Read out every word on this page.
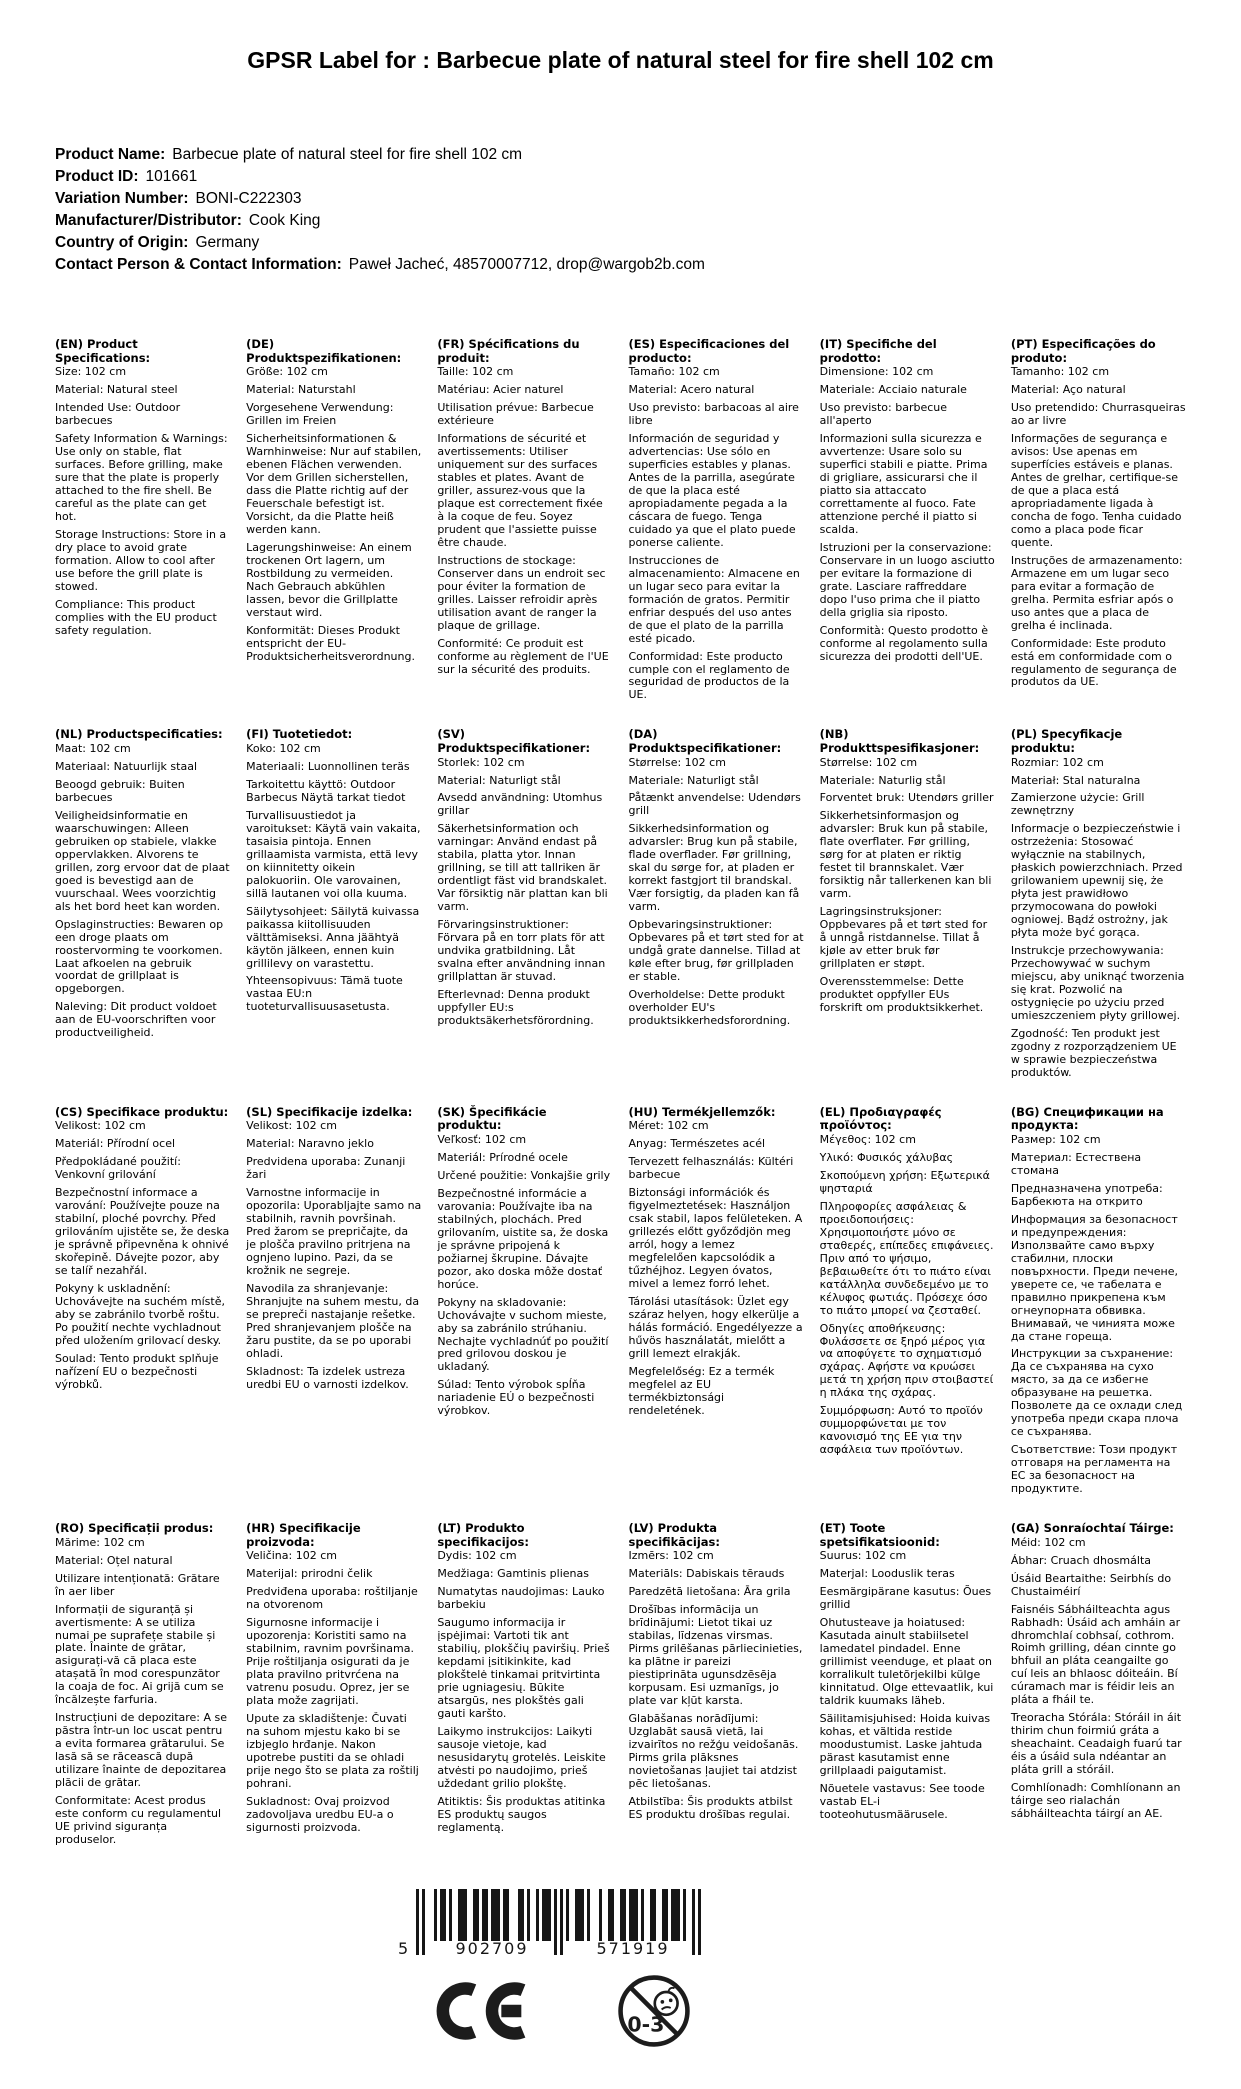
GPSR Label for : Barbecue plate of natural steel for fire shell 102 cm
Product Name: Barbecue plate of natural steel for fire shell 102 cm
Product ID: 101661
Variation Number: BONI-C222303
Manufacturer/Distributor: Cook King
Country of Origin: Germany
Contact Person & Contact Information: Paweł Jacheć, 48570007712, drop@wargob2b.com
(EN) Product Specifications:

Size: 102 cm

Material: Natural steel

Intended Use: Outdoor barbecues

Safety Information & Warnings: Use only on stable, flat surfaces. Before grilling, make sure that the plate is properly attached to the fire shell. Be careful as the plate can get hot.

Storage Instructions: Store in a dry place to avoid grate formation. Allow to cool after use before the grill plate is stowed.

Compliance: This product complies with the EU product safety regulation.

(DE) Produktspezifikationen:

Größe: 102 cm

Material: Naturstahl

Vorgesehene Verwendung: Grillen im Freien

Sicherheitsinformationen & Warnhinweise: Nur auf stabilen, ebenen Flächen verwenden. Vor dem Grillen sicherstellen, dass die Platte richtig auf der Feuerschale befestigt ist. Vorsicht, da die Platte heiß werden kann.

Lagerungshinweise: An einem trockenen Ort lagern, um Rostbildung zu vermeiden. Nach Gebrauch abkühlen lassen, bevor die Grillplatte verstaut wird.

Konformität: Dieses Produkt entspricht der EU-Produktsicherheitsverordnung.

(FR) Spécifications du produit:

Taille: 102 cm

Matériau: Acier naturel

Utilisation prévue: Barbecue extérieure

Informations de sécurité et avertissements: Utiliser uniquement sur des surfaces stables et plates. Avant de griller, assurez-vous que la plaque est correctement fixée à la coque de feu. Soyez prudent que l'assiette puisse être chaude.

Instructions de stockage: Conserver dans un endroit sec pour éviter la formation de grilles. Laisser refroidir après utilisation avant de ranger la plaque de grillage.

Conformité: Ce produit est conforme au règlement de l'UE sur la sécurité des produits.

(ES) Especificaciones del producto:

Tamaño: 102 cm

Material: Acero natural

Uso previsto: barbacoas al aire libre

Información de seguridad y advertencias: Use sólo en superficies estables y planas. Antes de la parrilla, asegúrate de que la placa esté apropiadamente pegada a la cáscara de fuego. Tenga cuidado ya que el plato puede ponerse caliente.

Instrucciones de almacenamiento: Almacene en un lugar seco para evitar la formación de gratos. Permitir enfriar después del uso antes de que el plato de la parrilla esté picado.

Conformidad: Este producto cumple con el reglamento de seguridad de productos de la UE.

(IT) Specifiche del prodotto:

Dimensione: 102 cm

Materiale: Acciaio naturale

Uso previsto: barbecue all'aperto

Informazioni sulla sicurezza e avvertenze: Usare solo su superfici stabili e piatte. Prima di grigliare, assicurarsi che il piatto sia attaccato correttamente al fuoco. Fate attenzione perché il piatto si scalda.

Istruzioni per la conservazione: Conservare in un luogo asciutto per evitare la formazione di grate. Lasciare raffreddare dopo l'uso prima che il piatto della griglia sia riposto.

Conformità: Questo prodotto è conforme al regolamento sulla sicurezza dei prodotti dell'UE.

(PT) Especificações do produto:

Tamanho: 102 cm

Material: Aço natural

Uso pretendido: Churrasqueiras ao ar livre

Informações de segurança e avisos: Use apenas em superfícies estáveis e planas. Antes de grelhar, certifique-se de que a placa está apropriadamente ligada à concha de fogo. Tenha cuidado como a placa pode ficar quente.

Instruções de armazenamento: Armazene em um lugar seco para evitar a formação de grelha. Permita esfriar após o uso antes que a placa de grelha é inclinada.

Conformidade: Este produto está em conformidade com o regulamento de segurança de produtos da UE.

(NL) Productspecificaties:

Maat: 102 cm

Materiaal: Natuurlijk staal

Beoogd gebruik: Buiten barbecues

Veiligheidsinformatie en waarschuwingen: Alleen gebruiken op stabiele, vlakke oppervlakken. Alvorens te grillen, zorg ervoor dat de plaat goed is bevestigd aan de vuurschaal. Wees voorzichtig als het bord heet kan worden.

Opslaginstructies: Bewaren op een droge plaats om roostervorming te voorkomen. Laat afkoelen na gebruik voordat de grillplaat is opgeborgen.

Naleving: Dit product voldoet aan de EU-voorschriften voor productveiligheid.

(FI) Tuotetiedot:

Koko: 102 cm

Materiaali: Luonnollinen teräs

Tarkoitettu käyttö: Outdoor Barbecus Näytä tarkat tiedot

Turvallisuustiedot ja varoitukset: Käytä vain vakaita, tasaisia pintoja. Ennen grillaamista varmista, että levy on kiinnitetty oikein palokuoriin. Ole varovainen, sillä lautanen voi olla kuuma.

Säilytysohjeet: Säilytä kuivassa paikassa kiitollisuuden välttämiseksi. Anna jäähtyä käytön jälkeen, ennen kuin grillilevy on varastettu.

Yhteensopivuus: Tämä tuote vastaa EU:n tuoteturvallisuusasetusta.

(SV) Produktspecifikationer:

Storlek: 102 cm

Material: Naturligt stål

Avsedd användning: Utomhus grillar

Säkerhetsinformation och varningar: Använd endast på stabila, platta ytor. Innan grillning, se till att tallriken är ordentligt fäst vid brandskalet. Var försiktig när plattan kan bli varm.

Förvaringsinstruktioner: Förvara på en torr plats för att undvika gratbildning. Låt svalna efter användning innan grillplattan är stuvad.

Efterlevnad: Denna produkt uppfyller EU:s produktsäkerhetsförordning.

(DA) Produktspecifikationer:

Størrelse: 102 cm

Materiale: Naturligt stål

Påtænkt anvendelse: Udendørs grill

Sikkerhedsinformation og advarsler: Brug kun på stabile, flade overflader. Før grillning, skal du sørge for, at pladen er korrekt fastgjort til brandskal. Vær forsigtig, da pladen kan få varm.

Opbevaringsinstruktioner: Opbevares på et tørt sted for at undgå grate dannelse. Tillad at køle efter brug, før grillpladen er stable.

Overholdelse: Dette produkt overholder EU's produktsikkerhedsforordning.

(NB) Produkttspesifikasjoner:

Størrelse: 102 cm

Materiale: Naturlig stål

Forventet bruk: Utendørs griller

Sikkerhetsinformasjon og advarsler: Bruk kun på stabile, flate overflater. Før grilling, sørg for at platen er riktig festet til brannskalet. Vær forsiktig når tallerkenen kan bli varm.

Lagringsinstruksjoner: Oppbevares på et tørt sted for å unngå ristdannelse. Tillat å kjøle av etter bruk før grillplaten er støpt.

Overensstemmelse: Dette produktet oppfyller EUs forskrift om produktsikkerhet.

(PL) Specyfikacje produktu:

Rozmiar: 102 cm

Materiał: Stal naturalna

Zamierzone użycie: Grill zewnętrzny

Informacje o bezpieczeństwie i ostrzeżenia: Stosować wyłącznie na stabilnych, płaskich powierzchniach. Przed grilowaniem upewnij się, że płyta jest prawidłowo przymocowana do powłoki ogniowej. Bądź ostrożny, jak płyta może być gorąca.

Instrukcje przechowywania: Przechowywać w suchym miejscu, aby uniknąć tworzenia się krat. Pozwolić na ostygnięcie po użyciu przed umieszczeniem płyty grillowej.

Zgodność: Ten produkt jest zgodny z rozporządzeniem UE w sprawie bezpieczeństwa produktów.

(CS) Specifikace produktu:

Velikost: 102 cm

Materiál: Přírodní ocel

Předpokládané použití: Venkovní grilování

Bezpečnostní informace a varování: Používejte pouze na stabilní, ploché povrchy. Před grilováním ujistěte se, že deska je správně připevněna k ohnivé skořepině. Dávejte pozor, aby se talíř nezahřál.

Pokyny k uskladnění: Uchovávejte na suchém místě, aby se zabránilo tvorbě roštu. Po použití nechte vychladnout před uložením grilovací desky.

Soulad: Tento produkt splňuje nařízení EU o bezpečnosti výrobků.

(SL) Specifikacije izdelka:

Velikost: 102 cm

Material: Naravno jeklo

Predvidena uporaba: Zunanji žari

Varnostne informacije in opozorila: Uporabljajte samo na stabilnih, ravnih površinah. Pred žarom se prepričajte, da je plošča pravilno pritrjena na ognjeno lupino. Pazi, da se krožnik ne segreje.

Navodila za shranjevanje: Shranjujte na suhem mestu, da se prepreči nastajanje rešetke. Pred shranjevanjem plošče na žaru pustite, da se po uporabi ohladi.

Skladnost: Ta izdelek ustreza uredbi EU o varnosti izdelkov.

(SK) Špecifikácie produktu:

Veľkosť: 102 cm

Materiál: Prírodné ocele

Určené použitie: Vonkajšie grily

Bezpečnostné informácie a varovania: Používajte iba na stabilných, plochách. Pred grilovaním, uistite sa, že doska je správne pripojená k požiarnej škrupine. Dávajte pozor, ako doska môže dostať horúce.

Pokyny na skladovanie: Uchovávajte v suchom mieste, aby sa zabránilo strúhaniu. Nechajte vychladnúť po použití pred grilovou doskou je ukladaný.

Súlad: Tento výrobok spĺňa nariadenie EÚ o bezpečnosti výrobkov.

(HU) Termékjellemzők:

Méret: 102 cm

Anyag: Természetes acél

Tervezett felhasználás: Kültéri barbecue

Biztonsági információk és figyelmeztetések: Használjon csak stabil, lapos felületeken. A grillezés előtt győződjön meg arról, hogy a lemez megfelelően kapcsolódik a tűzhéjhoz. Legyen óvatos, mivel a lemez forró lehet.

Tárolási utasítások: Üzlet egy száraz helyen, hogy elkerülje a hálás formáció. Engedélyezze a hűvös használatát, mielőtt a grill lemezt elrakják.

Megfelelőség: Ez a termék megfelel az EU termékbiztonsági rendeletének.

(EL) Προδιαγραφές προϊόντος:

Μέγεθος: 102 cm

Υλικό: Φυσικός χάλυβας

Σκοπούμενη χρήση: Εξωτερικά ψησταριά

Πληροφορίες ασφάλειας & προειδοποιήσεις: Χρησιμοποιήστε μόνο σε σταθερές, επίπεδες επιφάνειες. Πριν από το ψήσιμο, βεβαιωθείτε ότι το πιάτο είναι κατάλληλα συνδεδεμένο με το κέλυφος φωτιάς. Πρόσεχε όσο το πιάτο μπορεί να ζεσταθεί.

Οδηγίες αποθήκευσης: Φυλάσσετε σε ξηρό μέρος για να αποφύγετε το σχηματισμό σχάρας. Αφήστε να κρυώσει μετά τη χρήση πριν στοιβαστεί η πλάκα της σχάρας.

Συμμόρφωση: Αυτό το προϊόν συμμορφώνεται με τον κανονισμό της ΕΕ για την ασφάλεια των προϊόντων.

(BG) Спецификации на продукта:

Размер: 102 cm

Материал: Естествена стомана

Предназначена употреба: Барбекюта на открито

Информация за безопасност и предупреждения: Използвайте само върху стабилни, плоски повърхности. Преди печене, уверете се, че табелата е правилно прикрепена към огнеупорната обвивка. Внимавай, че чинията може да стане гореща.

Инструкции за съхранение: Да се съхранява на сухо място, за да се избегне образуване на решетка. Позволете да се охлади след употреба преди скара плоча се съхранява.

Съответствие: Този продукт отговаря на регламента на ЕС за безопасност на продуктите.

(RO) Specificații produs:

Mărime: 102 cm

Material: Oțel natural

Utilizare intenționată: Grătare în aer liber

Informații de siguranță și avertismente: A se utiliza numai pe suprafețe stabile și plate. Înainte de grătar, asigurați-vă că placa este atașată în mod corespunzător la coaja de foc. Ai grijă cum se încălzește farfuria.

Instrucțiuni de depozitare: A se păstra într-un loc uscat pentru a evita formarea grătarului. Se lasă să se răcească după utilizare înainte de depozitarea plăcii de grătar.

Conformitate: Acest produs este conform cu regulamentul UE privind siguranța produselor.

(HR) Specifikacije proizvoda:

Veličina: 102 cm

Materijal: prirodni čelik

Predviđena uporaba: roštiljanje na otvorenom

Sigurnosne informacije i upozorenja: Koristiti samo na stabilnim, ravnim površinama. Prije roštiljanja osigurati da je plata pravilno pritvrćena na vatrenu posudu. Oprez, jer se plata može zagrijati.

Upute za skladištenje: Čuvati na suhom mjestu kako bi se izbjeglo hrđanje. Nakon upotrebe pustiti da se ohladi prije nego što se plata za roštilj pohrani.

Sukladnost: Ovaj proizvod zadovoljava uredbu EU-a o sigurnosti proizvoda.

(LT) Produkto specifikacijos:

Dydis: 102 cm

Medžiaga: Gamtinis plienas

Numatytas naudojimas: Lauko barbekiu

Saugumo informacija ir įspėjimai: Vartoti tik ant stabilių, plokščių paviršių. Prieš kepdami įsitikinkite, kad plokštelė tinkamai pritvirtinta prie ugniagesių. Būkite atsargūs, nes plokštės gali gauti karšto.

Laikymo instrukcijos: Laikyti sausoje vietoje, kad nesusidarytų grotelės. Leiskite atvėsti po naudojimo, prieš uždedant grilio plokštę.

Atitiktis: Šis produktas atitinka ES produktų saugos reglamentą.

(LV) Produkta specifikācijas:

Izmērs: 102 cm

Materiāls: Dabiskais tērauds

Paredzētā lietošana: Āra grila

Drošības informācija un brīdinājumi: Lietot tikai uz stabilas, līdzenas virsmas. Pirms grilēšanas pārliecinieties, ka plātne ir pareizi piestiprināta ugunsdzēsēja korpusam. Esi uzmanīgs, jo plate var kļūt karsta.

Glabāšanas norādījumi: Uzglabāt sausā vietā, lai izvairītos no režģu veidošanās. Pirms grila plāksnes novietošanas ļaujiet tai atdzist pēc lietošanas.

Atbilstība: Šis produkts atbilst ES produktu drošības regulai.

(ET) Toote spetsifikatsioonid:

Suurus: 102 cm

Materjal: Looduslik teras

Eesmärgipärane kasutus: Õues grillid

Ohutusteave ja hoiatused: Kasutada ainult stabiilsetel lamedatel pindadel. Enne grillimist veenduge, et plaat on korralikult tuletõrjekilbi külge kinnitatud. Olge ettevaatlik, kui taldrik kuumaks läheb.

Säilitamisjuhised: Hoida kuivas kohas, et vältida restide moodustumist. Laske jahtuda pärast kasutamist enne grillplaadi paigutamist.

Nõuetele vastavus: See toode vastab EL-i tooteohutusmäärusele.

(GA) Sonraíochtaí Táirge:

Méid: 102 cm

Ábhar: Cruach dhosmálta

Úsáid Beartaithe: Seirbhís do Chustaiméirí

Faisnéis Sábháilteachta agus Rabhadh: Úsáid ach amháin ar dhromchlaí cobhsaí, cothrom. Roimh grilling, déan cinnte go bhfuil an pláta ceangailte go cuí leis an bhlaosc dóiteáin. Bí cúramach mar is féidir leis an pláta a fháil te.

Treoracha Stórála: Stóráil in áit thirim chun foirmiú gráta a sheachaint. Ceadaigh fuarú tar éis a úsáid sula ndéantar an pláta grill a stóráil.

Comhlíonadh: Comhlíonann an táirge seo rialachán sábháilteachta táirgí an AE.

5	902709	571919
0-3
